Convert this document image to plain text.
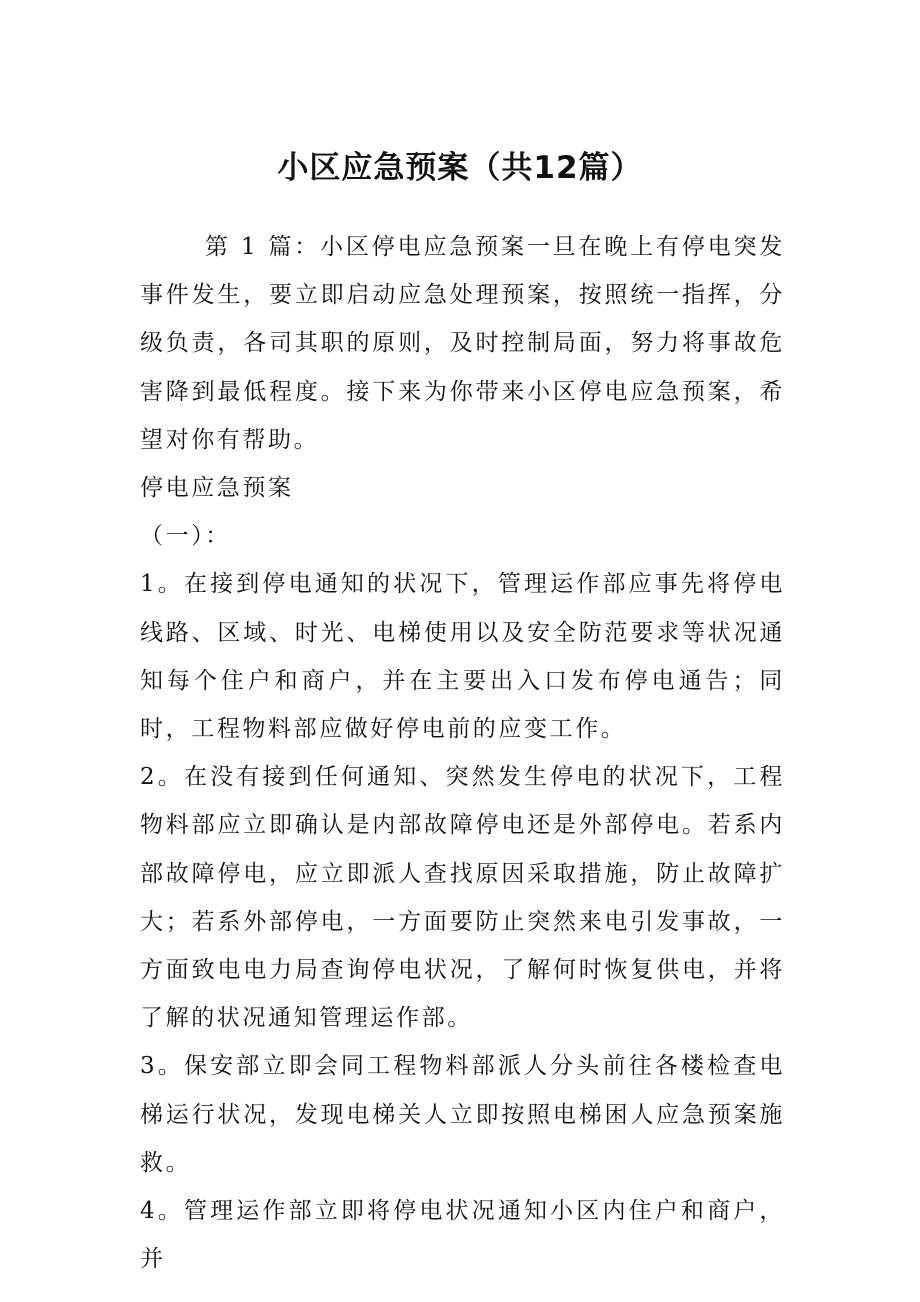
小区应急预案（共12篇）

第 1 篇：小区停电应急预案一旦在晚上有停电突发事件发生，要立即启动应急处理预案，按照统一指挥，分级负责，各司其职的原则，及时控制局面，努力将事故危害降到最低程度。接下来为你带来小区停电应急预案，希望对你有帮助。

停电应急预案

（一）：

1。在接到停电通知的状况下，管理运作部应事先将停电线路、区域、时光、电梯使用以及安全防范要求等状况通知每个住户和商户，并在主要出入口发布停电通告；同时，工程物料部应做好停电前的应变工作。

2。在没有接到任何通知、突然发生停电的状况下，工程物料部应立即确认是内部故障停电还是外部停电。若系内部故障停电，应立即派人查找原因采取措施，防止故障扩大；若系外部停电，一方面要防止突然来电引发事故，一方面致电电力局查询停电状况，了解何时恢复供电，并将了解的状况通知管理运作部。

3。保安部立即会同工程物料部派人分头前往各楼检查电梯运行状况，发现电梯关人立即按照电梯困人应急预案施救。

4。管理运作部立即将停电状况通知小区内住户和商户，并
